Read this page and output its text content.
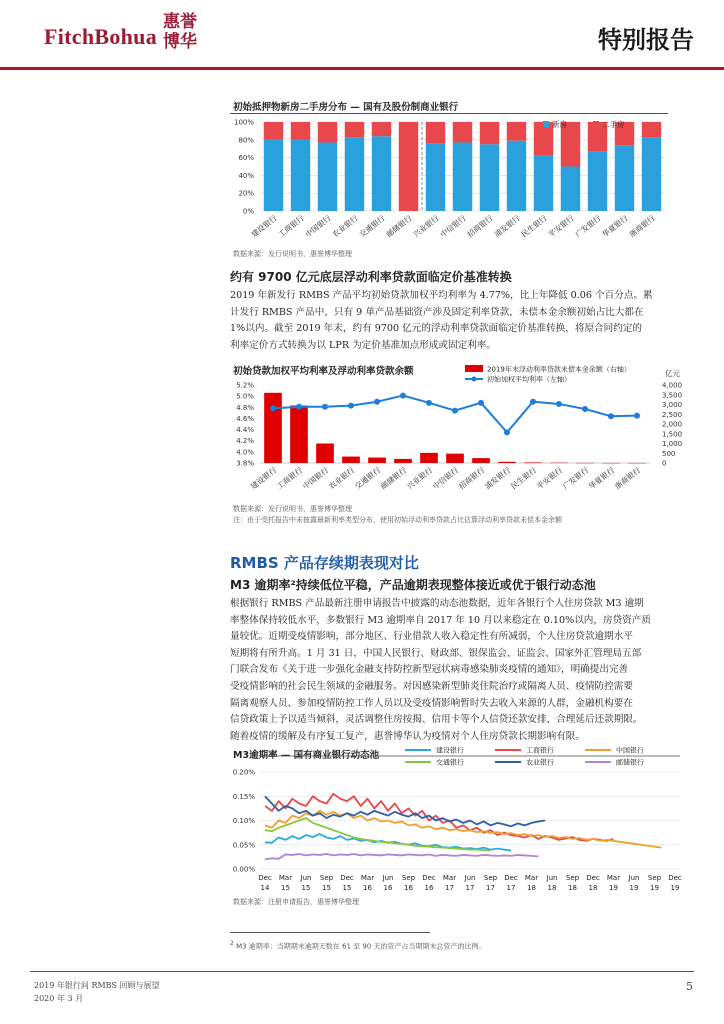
FitchBohua
惠誉 博华	特别报告
初始抵押物新房二手房分布 — 国有及股份制商业银行
0%
20%
40%
60%
80%
100%
建设银行
工商银行
中国银行
农业银行
交通银行
邮储银行
兴业银行
中信银行
招商银行
浦发银行
民生银行
平安银行
广发银行
华夏银行
浙商银行
新房	二手房
数据来源：发行说明书，惠誉博华整理
约有 9700 亿元底层浮动利率贷款面临定价基准转换
2019 年新发行 RMBS 产品平均初始贷款加权平均利率为 4.77%，比上年降低 0.06 个百分点。累
计发行 RMBS 产品中，只有 9 单产品基础资产涉及固定利率贷款，未偿本金余额初始占比大都在
1%以内。截至 2019 年末，约有 9700 亿元的浮动利率贷款面临定价基准转换，将原合同约定的
利率定价方式转换为以 LPR 为定价基准加点形成或固定利率。
初始贷款加权平均利率及浮动利率贷款余额
3.8%
4.0%
4.2%
4.4%
4.6%
4.8%
5.0%
5.2%
0
500
1,000
1,500
2,000
2,500
3,000
3,500
4,000
亿元
建设银行
工商银行
中国银行
农业银行
交通银行
邮储银行
兴业银行
中信银行
招商银行
浦发银行
民生银行
平安银行
广发银行
华夏银行
浙商银行
2019年末浮动利率贷款未偿本金余额（右轴）
初始加权平均利率（左轴）
数据来源：发行说明书，惠誉博华整理
注：由于受托报告中未披露最新利率类型分布，使用初始浮动利率贷款占比估算浮动利率贷款未偿本金余额
RMBS 产品存续期表现对比
M3 逾期率²持续低位平稳，产品逾期表现整体接近或优于银行动态池
根据银行 RMBS 产品最新注册申请报告中披露的动态池数据，近年各银行个人住房贷款 M3 逾期
率整体保持较低水平，多数银行 M3 逾期率自 2017 年 10 月以来稳定在 0.10%以内，房贷资产质
量较优。近期受疫情影响，部分地区、行业借款人收入稳定性有所减弱，个人住房贷款逾期水平
短期将有所升高。1 月 31 日，中国人民银行、财政部、银保监会、证监会、国家外汇管理局五部
门联合发布《关于进一步强化金融支持防控新型冠状病毒感染肺炎疫情的通知》，明确提出完善
受疫情影响的社会民生领域的金融服务。对因感染新型肺炎住院治疗或隔离人员、疫情防控需要
隔离观察人员、参加疫情防控工作人员以及受疫情影响暂时失去收入来源的人群，金融机构要在
信贷政策上予以适当倾斜，灵活调整住房按揭、信用卡等个人信贷还款安排，合理延后还款期限。
随着疫情的缓解及有序复工复产，惠誉博华认为疫情对个人住房贷款长期影响有限。
M3逾期率 — 国有商业银行动态池
0.00%
0.05%
0.10%
0.15%
0.20%
Dec
14
Mar
15
Jun
15
Sep
15
Dec
15
Mar
16
Jun
16
Sep
16
Dec
16
Mar
17
Jun
17
Sep
17
Dec
17
Mar
18
Jun
18
Sep
18
Dec
18
Mar
19
Jun
19
Sep
19
Dec
19
建设银行	工商银行	中国银行
交通银行	农业银行	邮储银行
数据来源：注册申请报告，惠誉博华整理
$^2$ M3 逾期率：当期期末逾期天数在 61 至 90 天的资产占当期期末总资产的比例。
2019 年银行间 RMBS 回顾与展望
2020 年 3 月
5
